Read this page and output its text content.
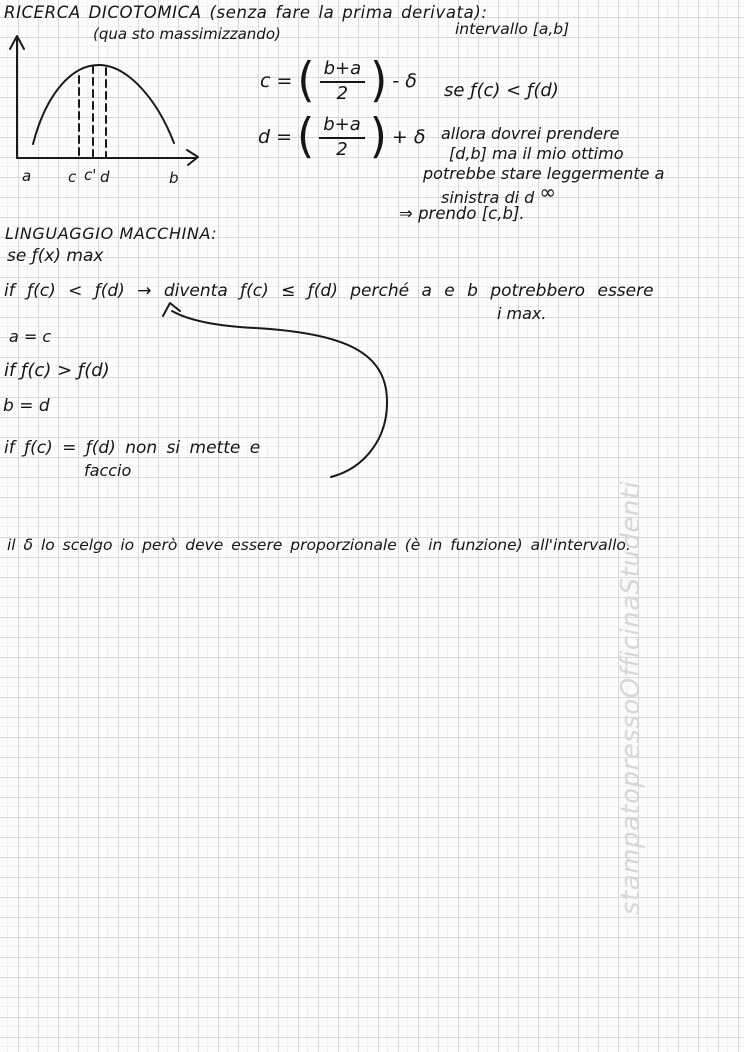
RICERCA DICOTOMICA (senza fare la prima derivata):
(qua sto massimizzando)	intervallo [a,b]
a c c' d	b
c = ( $\frac{b+a}{2}$ ) - δ
d = ( $\frac{b+a}{2}$ ) + δ
se ƒ(c) < ƒ(d)
allora dovrei prendere
[d,b] ma il mio ottimo
potrebbe stare leggermente a
sinistra di d ∞
⇒ prendo [c,b].
LINGUAGGIO MACCHINA:
se ƒ(x) max
if ƒ(c) < ƒ(d) → diventa ƒ(c) ≤ ƒ(d) perché a e b potrebbero essere
i max.
a = c
if ƒ(c) > ƒ(d)
b = d
if ƒ(c) = ƒ(d) non si mette e
faccio
il δ lo scelgo io però deve essere proporzionale (è in funzione) all'intervallo.
stampatopressoOfficinaStudenti
